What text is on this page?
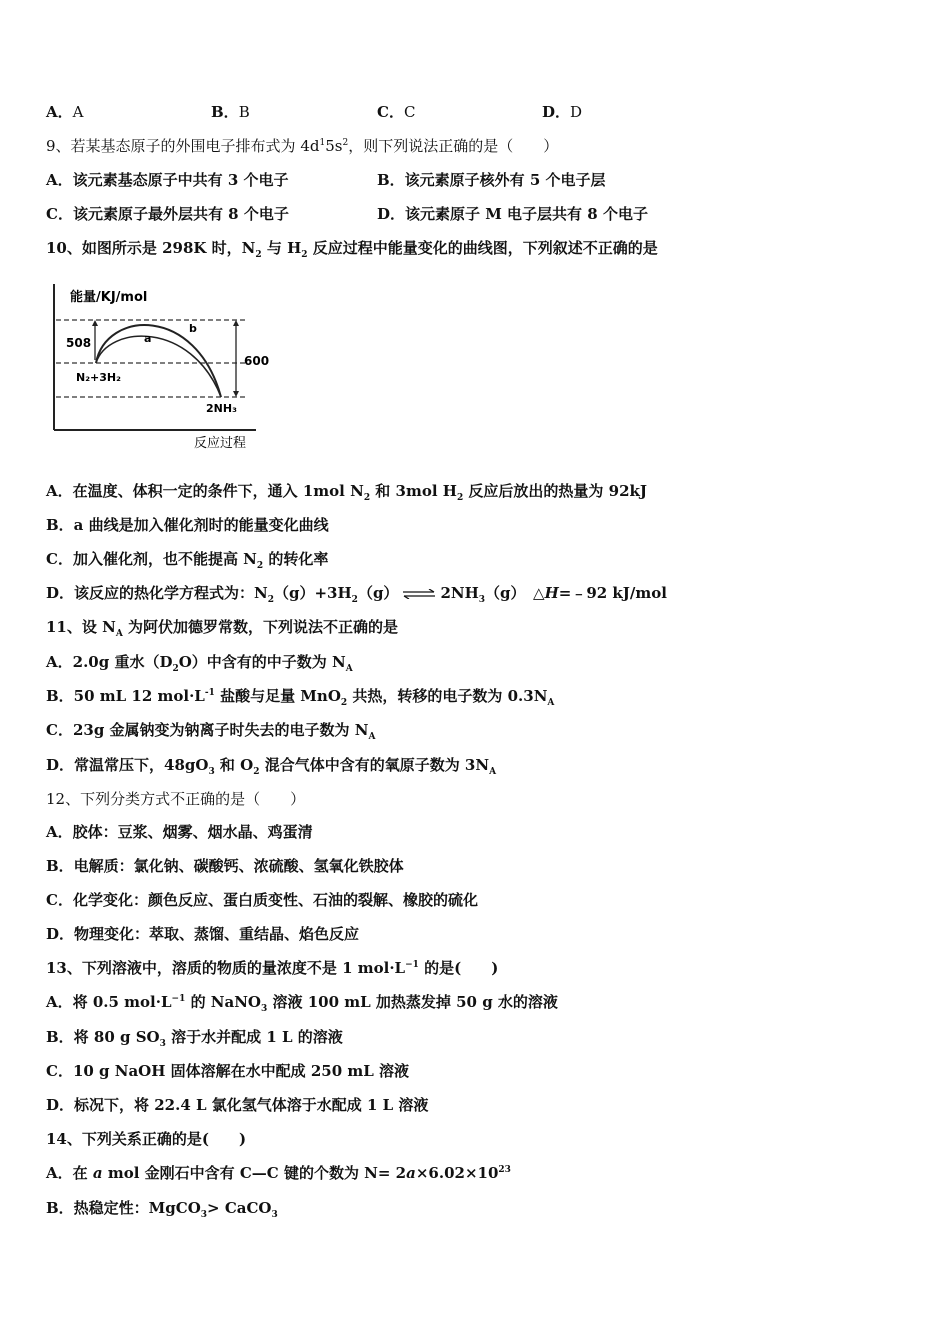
A．A	B．B	C．C	D．D
9、若某基态原子的外围电子排布式为 $4d^15s^2$，则下列说法正确的是（　　）
A．该元素基态原子中共有 3 个电子	B．该元素原子核外有 5 个电子层
C．该元素原子最外层共有 8 个电子	D．该元素原子 M 电子层共有 8 个电子
10、如图所示是 298K 时，$N_2$ 与 $H_2$ 反应过程中能量变化的曲线图，下列叙述不正确的是
能量/KJ/mol
反应过程
508
600
N₂+3H₂
2NH₃
a
b
A．在温度、体积一定的条件下，通入 1mol $N_2$ 和 3mol $H_2$ 反应后放出的热量为 92kJ
B．a 曲线是加入催化剂时的能量变化曲线
C．加入催化剂，也不能提高 $N_2$ 的转化率
D．该反应的热化学方程式为：$N_2(g)+3H_2(g)$ ⇌ $2NH_3(g)$　△H=﹣92 kJ/mol
11、设 $N_A$ 为阿伏加德罗常数，下列说法不正确的是
A．2.0g 重水$(D_2O)$中含有的中子数为 $N_A$
B．50 mL 12 $mol\cdot L^{-1}$ 盐酸与足量 MnO$_2$ 共热，转移的电子数为 $0.3N_A$
C．23g 金属钠变为钠离子时失去的电子数为 $N_A$
D．常温常压下，$48gO_3$ 和 $O_2$ 混合气体中含有的氧原子数为 $3N_A$
12、下列分类方式不正确的是（　　）
A．胶体：豆浆、烟雾、烟水晶、鸡蛋清
B．电解质：氯化钠、碳酸钙、浓硫酸、氢氧化铁胶体
C．化学变化：颜色反应、蛋白质变性、石油的裂解、橡胶的硫化
D．物理变化：萃取、蒸馏、重结晶、焰色反应
13、下列溶液中，溶质的物质的量浓度不是 1 $mol\cdot L^{-1}$ 的是(　　)
A．将 0.5 $mol\cdot L^{-1}$ 的 NaNO$_3$ 溶液 100 mL 加热蒸发掉 50 g 水的溶液
B．将 80 g $SO_3$ 溶于水并配成 1 L 的溶液
C．10 g NaOH 固体溶解在水中配成 250 mL 溶液
D．标况下，将 22.4 L 氯化氢气体溶于水配成 1 L 溶液
14、下列关系正确的是(　　)
A．在 a mol 金刚石中含有 C—C 键的个数为 $N= 2a\times 6.02\times 10^{23}$
B．热稳定性：MgCO$_3$> CaCO$_3$
